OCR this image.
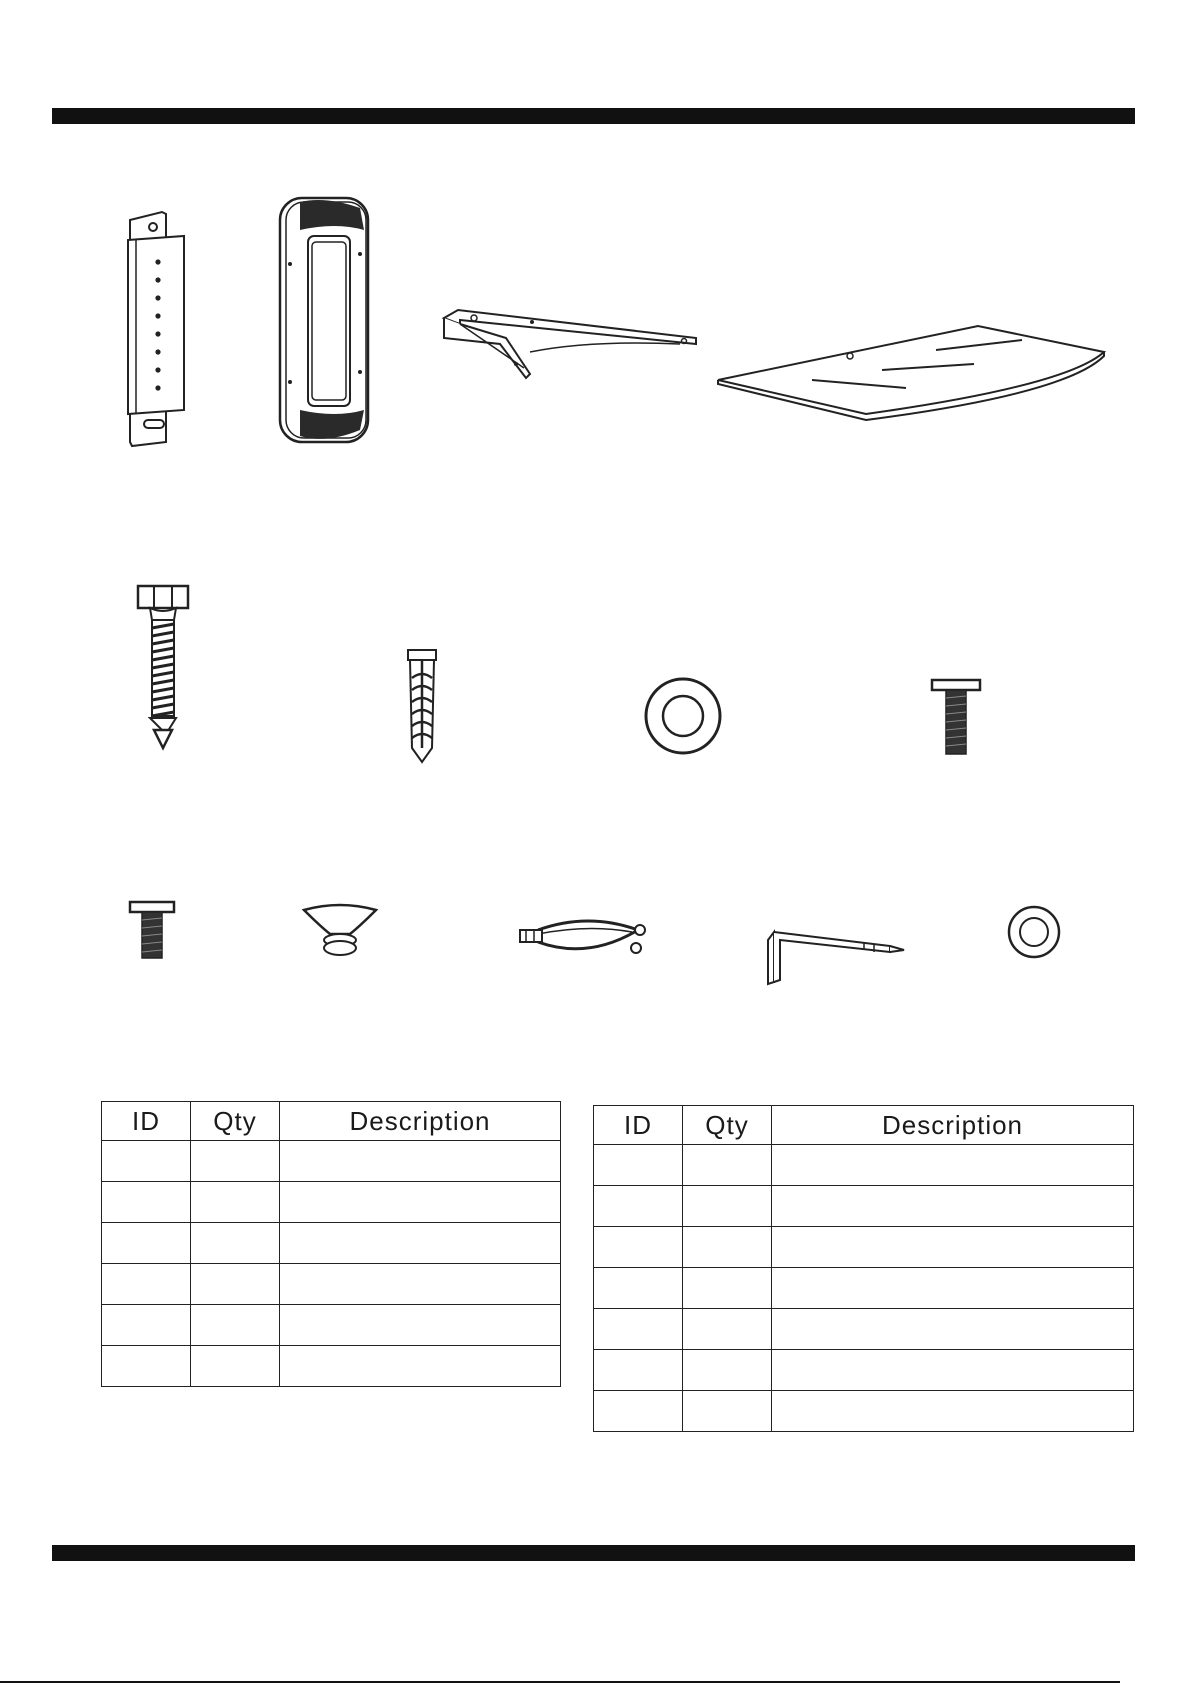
ID	Qty	Description

			ID	Qty	Description
